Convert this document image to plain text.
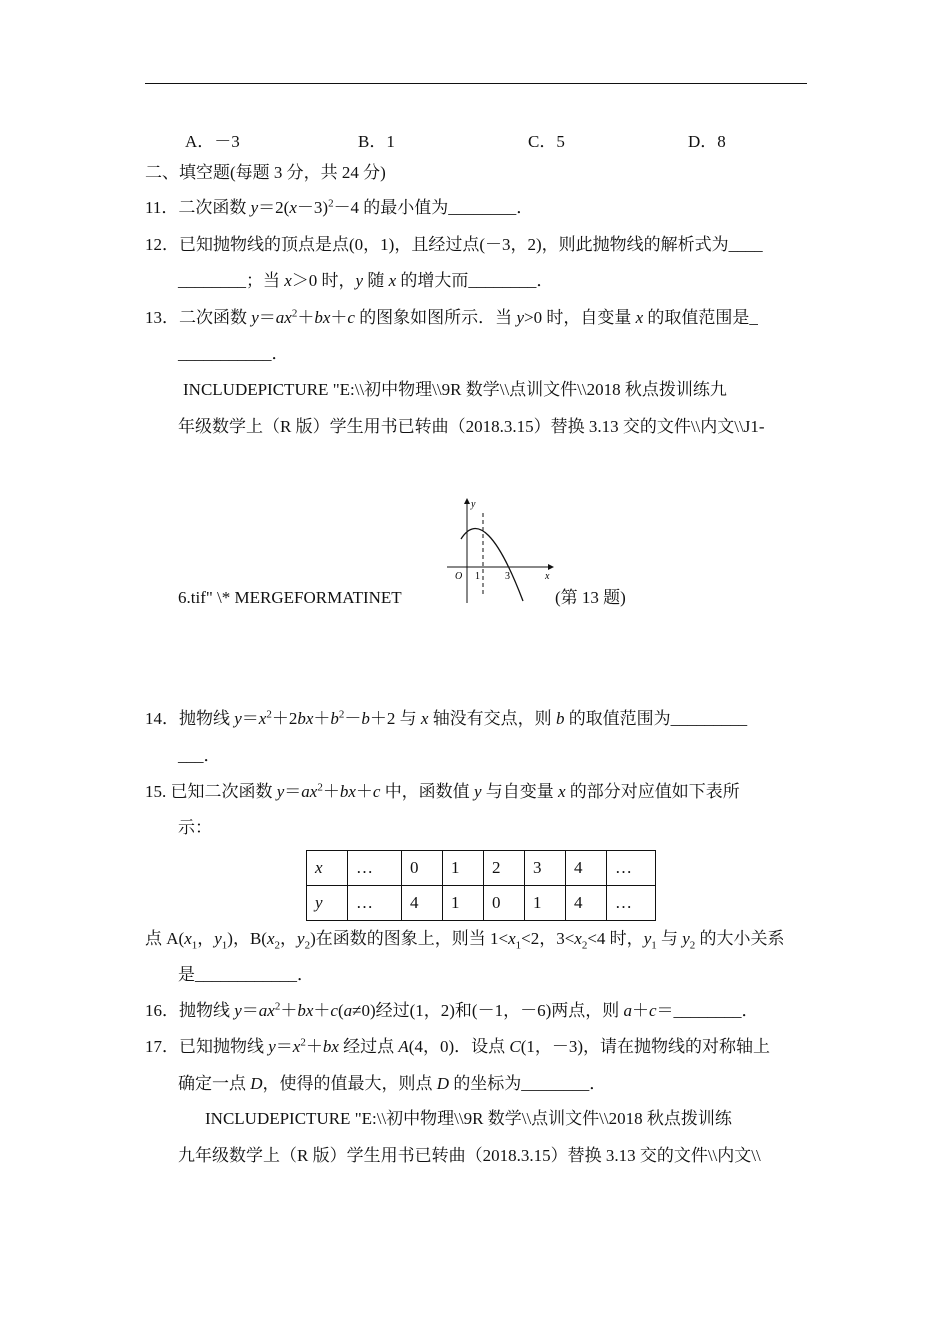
A．－3	B．1	C．5	D．8
二、填空题(每题 3 分，共 24 分)
11．二次函数 $y=2(x-3)^2-4$ 的最小值为________．
12．已知抛物线的顶点是点(0，1)，且经过点(－3，2)，则此抛物线的解析式为____
________；当 x＞0 时，y 随 x 的增大而________．
13．二次函数 $y=ax^2+bx+c$ 的图象如图所示．当 y>0 时，自变量 x 的取值范围是_
___________．
INCLUDEPICTURE "E:\\初中物理\\9R 数学\\点训文件\\2018 秋点拨训练九
年级数学上（R 版）学生用书已转曲（2018.3.15）替换 3.13 交的文件\\内文\\J1-
y
x
O 1	3
6.tif" \* MERGEFORMATINET	(第 13 题)
14．抛物线 $y=x^2+2bx+b^2-b+2$ 与 x 轴没有交点，则 b 的取值范围为_________
___．
15. 已知二次函数 $y=ax^2+bx+c$ 中，函数值 y 与自变量 x 的部分对应值如下表所
示：
x	…	0	1	2	3	4	…
y	…	4	1	0	1	4	…
点 $A(x_1$，$y_1$)，$B(x_2$，$y_2$)在函数的图象上，则当 $1<x_1<2$，$3<x_2<4$ 时，$y_1$ 与 $y_2$ 的大小关系
是____________．
16．抛物线 $y=ax^2+bx+c(a\ne 0)$经过(1，2)和(－1，－6)两点，则 a＋c＝________．
17．已知抛物线 $y=x^2+bx$ 经过点 A(4，0)．设点 C(1，－3)，请在抛物线的对称轴上
确定一点 D，使得的值最大，则点 D 的坐标为________．
INCLUDEPICTURE "E:\\初中物理\\9R 数学\\点训文件\\2018 秋点拨训练
九年级数学上（R 版）学生用书已转曲（2018.3.15）替换 3.13 交的文件\\内文\\
